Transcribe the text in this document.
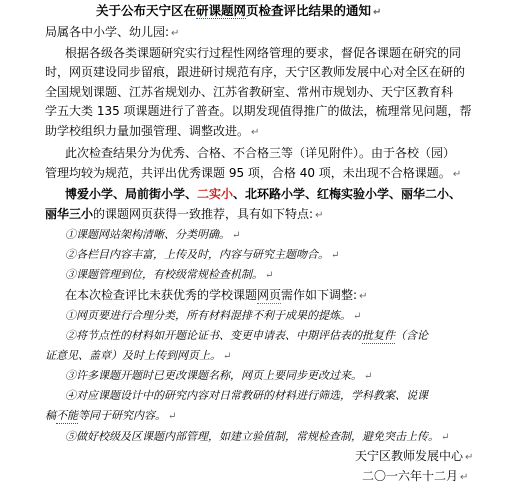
关于公布天宁区在研课题网页检查评比结果的通知 ↵
局属各中小学、幼儿园: ↵
根据各级各类课题研究实行过程性网络管理的要求，督促各课题在研究的同
时，网页建设同步留痕，跟进研讨规范有序，天宁区教师发展中心对全区在研的
全国规划课题、江苏省规划办、江苏省教研室、常州市规划办、天宁区教育科
学五大类 135 项课题进行了普查。以期发现值得推广的做法，梳理常见问题，帮
助学校组织力量加强管理、调整改进。 ↵
此次检查结果分为优秀、合格、不合格三等（详见附件）。由于各校（园）
管理均较为规范，共评出优秀课题 95 项，合格 40 项，未出现不合格课题。 ↵
博爱小学、局前街小学、二实小、北环路小学、红梅实验小学、丽华二小、
丽华三小的课题网页获得一致推荐，具有如下特点: ↵
①课题网站架构清晰、分类明确。 ↵
②各栏目内容丰富，上传及时，内容与研究主题吻合。 ↵
③课题管理到位，有校级常规检查机制。 ↵
在本次检查评比未获优秀的学校课题网页需作如下调整: ↵
①网页要进行合理分类，所有材料混排不利于成果的提炼。 ↵
②将节点性的材料如开题论证书、变更申请表、中期评估表的批复件（含论
证意见、盖章）及时上传到网页上。 ↵
③许多课题开题时已更改课题名称，网页上要同步更改过来。 ↵
④对应课题设计中的研究内容对日常教研的材料进行筛选，学科教案、说课
稿不能等同于研究内容。 ↵
⑤做好校级及区课题内部管理，如建立验值制，常规检查制，避免突击上传。 ↵
天宁区教师发展中心 ↵
二〇一六年十二月 ↵
